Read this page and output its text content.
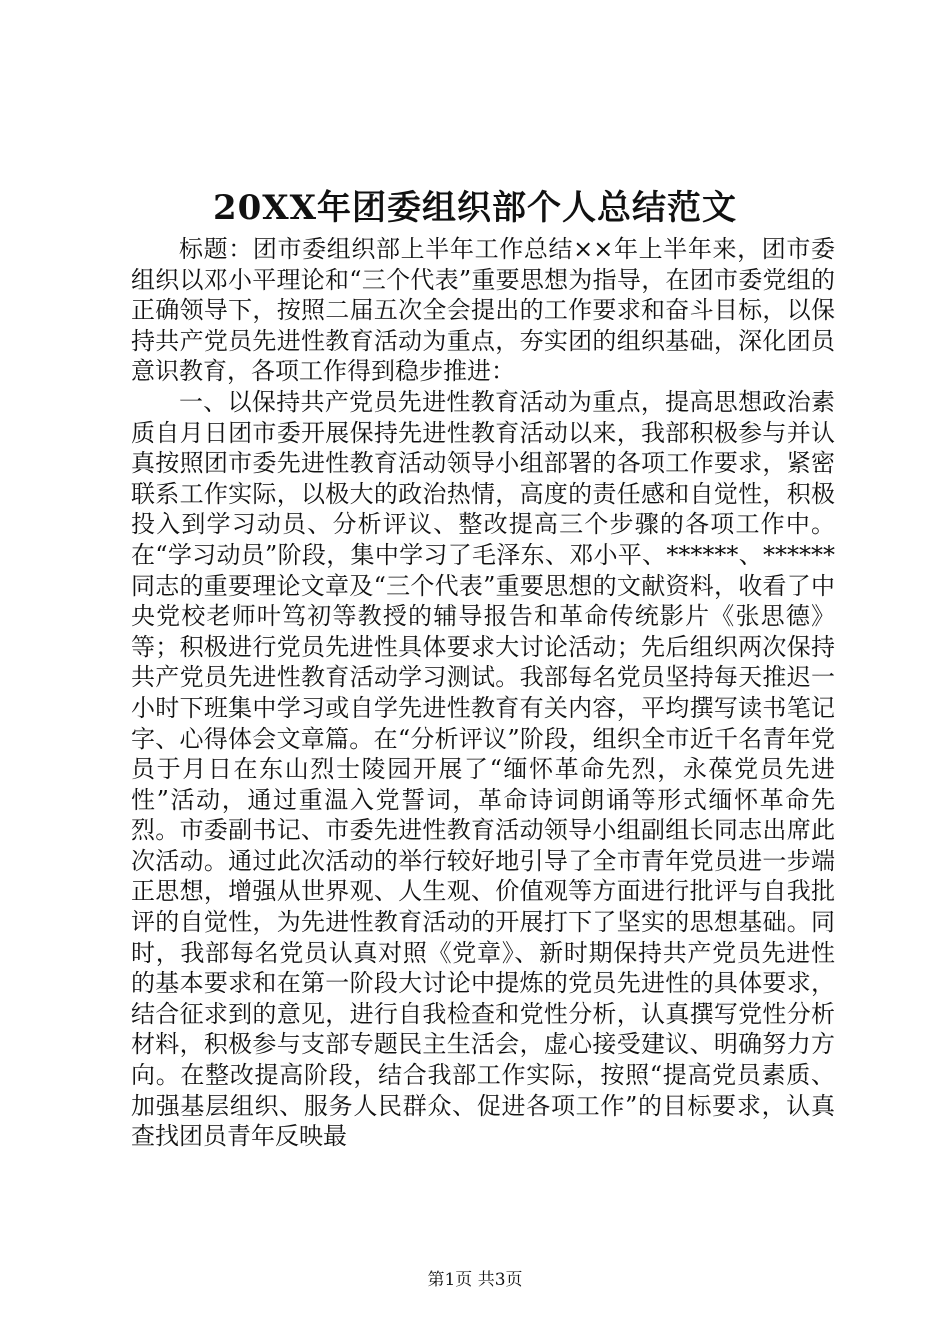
20XX年团委组织部个人总结范文

标题：团市委组织部上半年工作总结××年上半年来，团市委组织以邓小平理论和“三个代表”重要思想为指导，在团市委党组的正确领导下，按照二届五次全会提出的工作要求和奋斗目标，以保持共产党员先进性教育活动为重点，夯实团的组织基础，深化团员意识教育，各项工作得到稳步推进：

一、以保持共产党员先进性教育活动为重点，提高思想政治素质自月日团市委开展保持先进性教育活动以来，我部积极参与并认真按照团市委先进性教育活动领导小组部署的各项工作要求，紧密联系工作实际，以极大的政治热情，高度的责任感和自觉性，积极投入到学习动员、分析评议、整改提高三个步骤的各项工作中。在“学习动员”阶段，集中学习了毛泽东、邓小平、******、******同志的重要理论文章及“三个代表”重要思想的文献资料，收看了中央党校老师叶笃初等教授的辅导报告和革命传统影片《张思德》等；积极进行党员先进性具体要求大讨论活动；先后组织两次保持共产党员先进性教育活动学习测试。我部每名党员坚持每天推迟一小时下班集中学习或自学先进性教育有关内容，平均撰写读书笔记字、心得体会文章篇。在“分析评议”阶段，组织全市近千名青年党员于月日在东山烈士陵园开展了“缅怀革命先烈，永葆党员先进性”活动，通过重温入党誓词，革命诗词朗诵等形式缅怀革命先烈。市委副书记、市委先进性教育活动领导小组副组长同志出席此次活动。通过此次活动的举行较好地引导了全市青年党员进一步端正思想，增强从世界观、人生观、价值观等方面进行批评与自我批评的自觉性，为先进性教育活动的开展打下了坚实的思想基础。同时，我部每名党员认真对照《党章》、新时期保持共产党员先进性的基本要求和在第一阶段大讨论中提炼的党员先进性的具体要求，结合征求到的意见，进行自我检查和党性分析，认真撰写党性分析材料，积极参与支部专题民主生活会，虚心接受建议、明确努力方向。在整改提高阶段，结合我部工作实际，按照“提高党员素质、加强基层组织、服务人民群众、促进各项工作”的目标要求，认真查找团员青年反映最

第1页 共3页
